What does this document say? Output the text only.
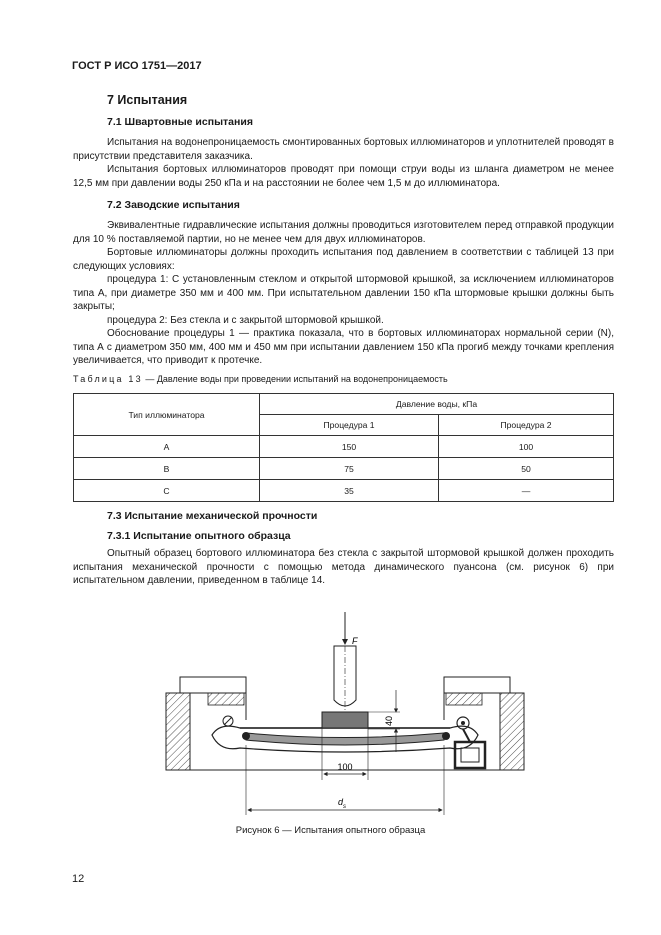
ГОСТ Р ИСО 1751—2017
7 Испытания
7.1 Швартовные испытания

Испытания на водонепроницаемость смонтированных бортовых иллюминаторов и уплотнителей проводят в присутствии представителя заказчика.

Испытания бортовых иллюминаторов проводят при помощи струи воды из шланга диаметром не менее 12,5 мм при давлении воды 250 кПа и на расстоянии не более чем 1,5 м до иллюминатора.

7.2 Заводские испытания

Эквивалентные гидравлические испытания должны проводиться изготовителем перед отправкой продукции для 10 % поставляемой партии, но не менее чем для двух иллюминаторов.

Бортовые иллюминаторы должны проходить испытания под давлением в соответствии с таблицей 13 при следующих условиях:

процедура 1: С установленным стеклом и открытой штормовой крышкой, за исключением иллюминаторов типа А, при диаметре 350 мм и 400 мм. При испытательном давлении 150 кПа штормовые крышки должны быть закрыты;

процедура 2: Без стекла и с закрытой штормовой крышкой.

Обоснование процедуры 1 — практика показала, что в бортовых иллюминаторах нормальной серии (N), типа А с диаметром 350 мм, 400 мм и 450 мм при испытании давлением 150 кПа прогиб между точками крепления увеличивается, что приводит к протечке.

Таблица 13 — Давление воды при проведении испытаний на водонепроницаемость
Тип иллюминатора	Давление воды, кПа	
	Процедура 1	Процедура 2
A	150	100
B	75	50
C	35	—
7.3 Испытание механической прочности
7.3.1 Испытание опытного образца

Опытный образец бортового иллюминатора без стекла с закрытой штормовой крышкой должен проходить испытания механической прочности с помощью метода динамического пуансона (см. рисунок 6) при испытательном давлении, приведенном в таблице 14.

F
40
100
$d_s$
Рисунок 6 — Испытания опытного образца
12
